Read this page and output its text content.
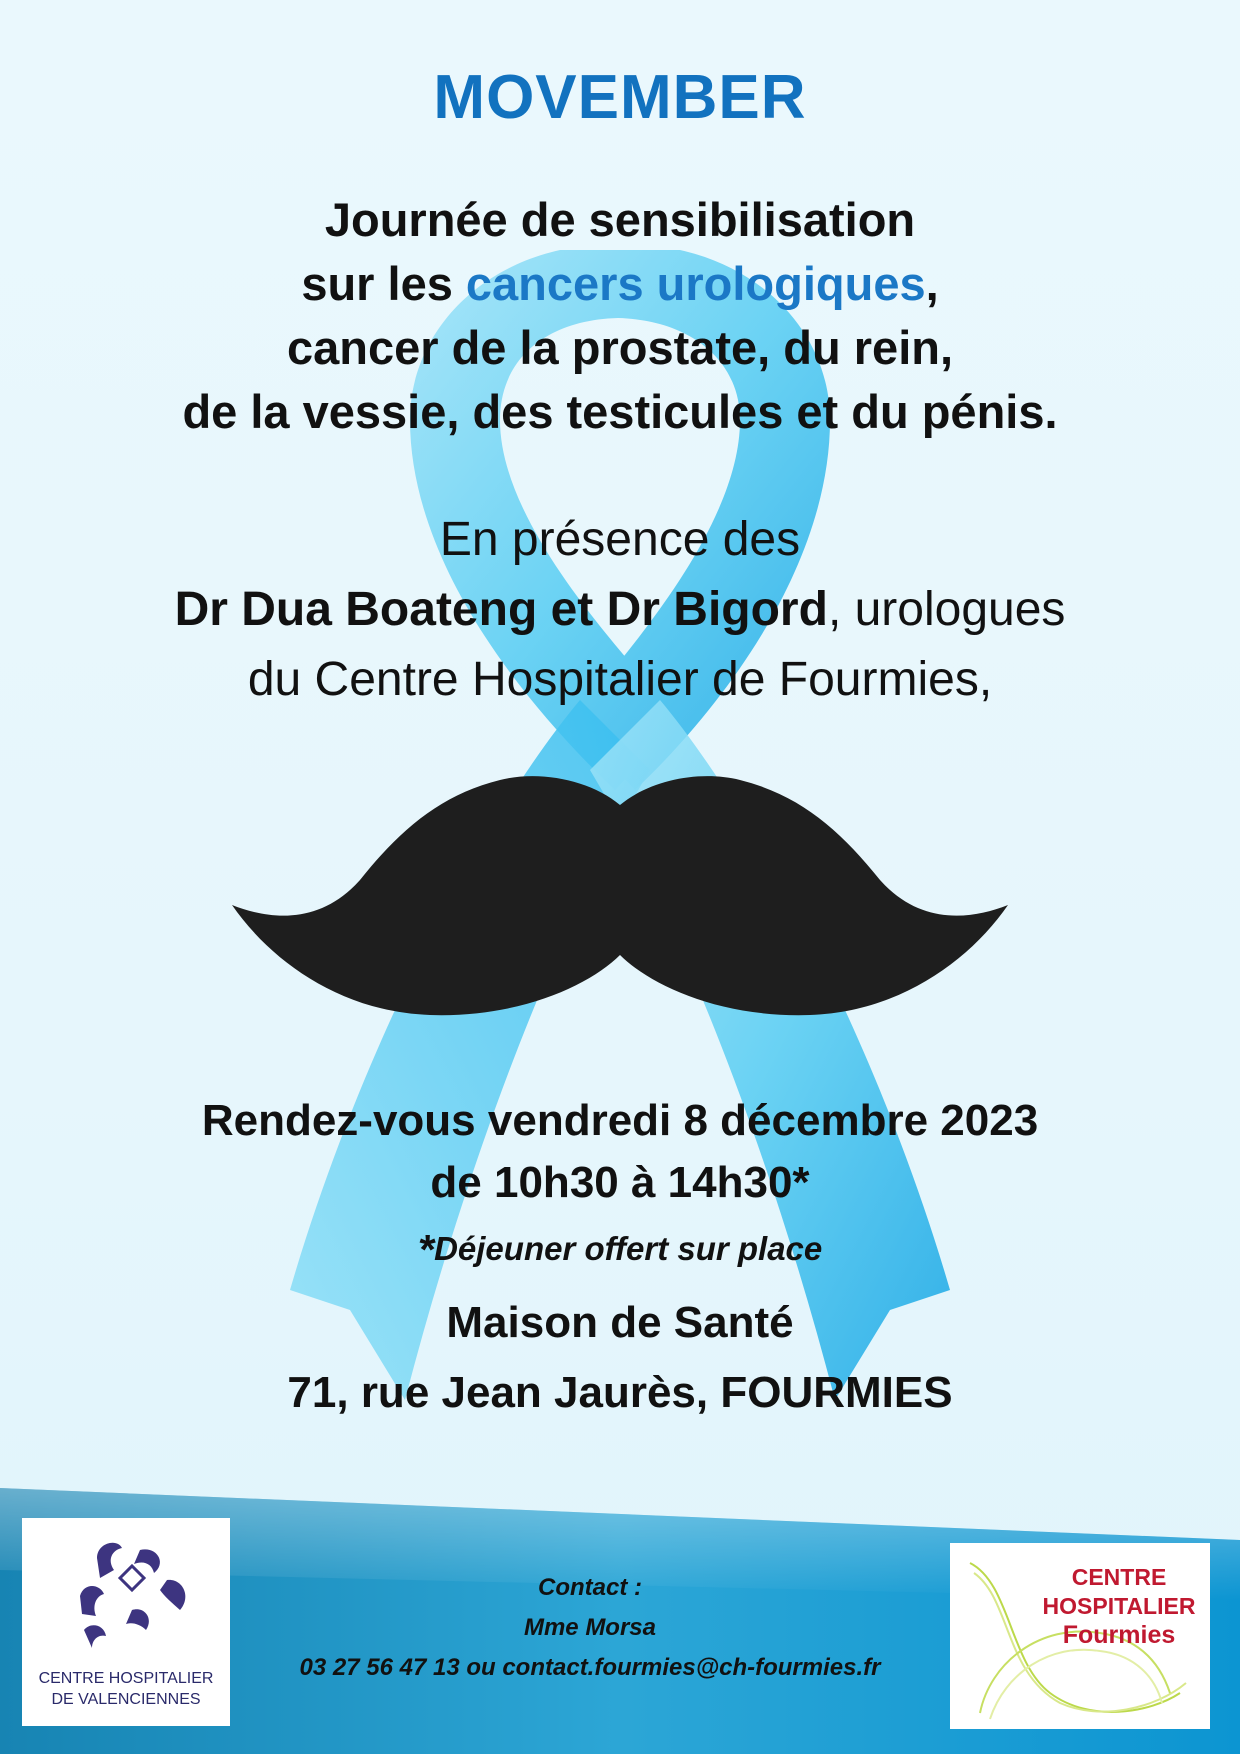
MOVEMBER
Journée de sensibilisation
sur les cancers urologiques,
cancer de la prostate, du rein,
de la vessie, des testicules et du pénis.
En présence des
Dr Dua Boateng et Dr Bigord, urologues
du Centre Hospitalier de Fourmies,
Rendez-vous vendredi 8 décembre 2023
de 10h30 à 14h30*
*Déjeuner offert sur place
Maison de Santé
71, rue Jean Jaurès, FOURMIES
Contact :
Mme Morsa
03 27 56 47 13 ou contact.fourmies@ch-fourmies.fr
CENTRE HOSPITALIER
DE VALENCIENNES
CENTRE
HOSPITALIER
Fourmies
